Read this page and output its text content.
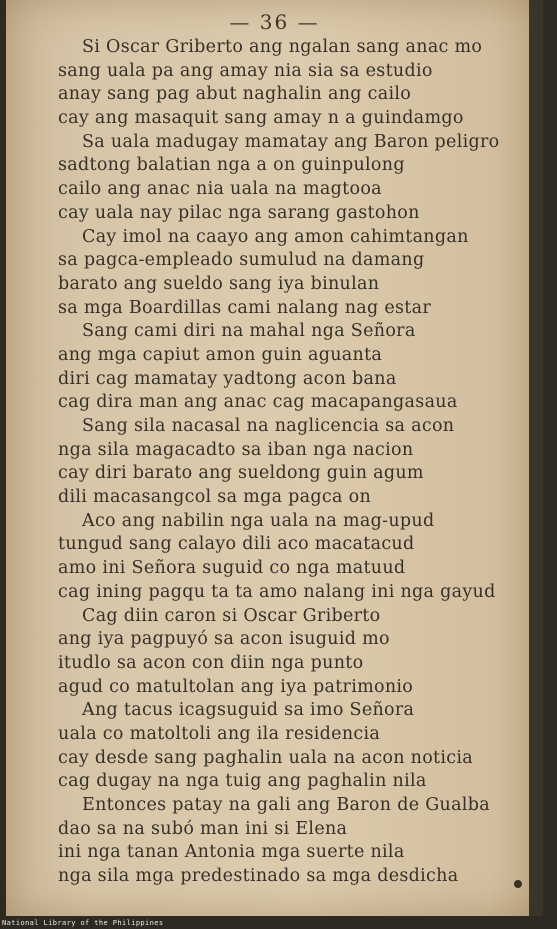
— 36 —
Si Oscar Griberto ang ngalan sang anac mo
sang uala pa ang amay nia sia sa estudio
anay sang pag abut naghalin ang cailo
cay ang masaquit sang amay n a guindamgo
Sa uala madugay mamatay ang Baron peligro
sadtong balatian nga a on guinpulong
cailo ang anac nia uala na magtooa
cay uala nay pilac nga sarang gastohon
Cay imol na caayo ang amon cahimtangan
sa pagca-empleado sumulud na damang
barato ang sueldo sang iya binulan
sa mga Boardillas cami nalang nag estar
Sang cami diri na mahal nga Señora
ang mga capiut amon guin aguanta
diri cag mamatay yadtong acon bana
cag dira man ang anac cag macapangasaua
Sang sila nacasal na naglicencia sa acon
nga sila magacadto sa iban nga nacion
cay diri barato ang sueldong guin agum
dili macasangcol sa mga pagca on
Aco ang nabilin nga uala na mag-upud
tungud sang calayo dili aco macatacud
amo ini Señora suguid co nga matuud
cag ining pagqu ta ta amo nalang ini nga gayud
Cag diin caron si Oscar Griberto
ang iya pagpuyó sa acon isuguid mo
itudlo sa acon con diin nga punto
agud co matultolan ang iya patrimonio
Ang tacus icagsuguid sa imo Señora
uala co matoltoli ang ila residencia
cay desde sang paghalin uala na acon noticia
cag dugay na nga tuig ang paghalin nila
Entonces patay na gali ang Baron de Gualba
dao sa na subó man ini si Elena
ini nga tanan Antonia mga suerte nila
nga sila mga predestinado sa mga desdicha
National Library of the Philippines
